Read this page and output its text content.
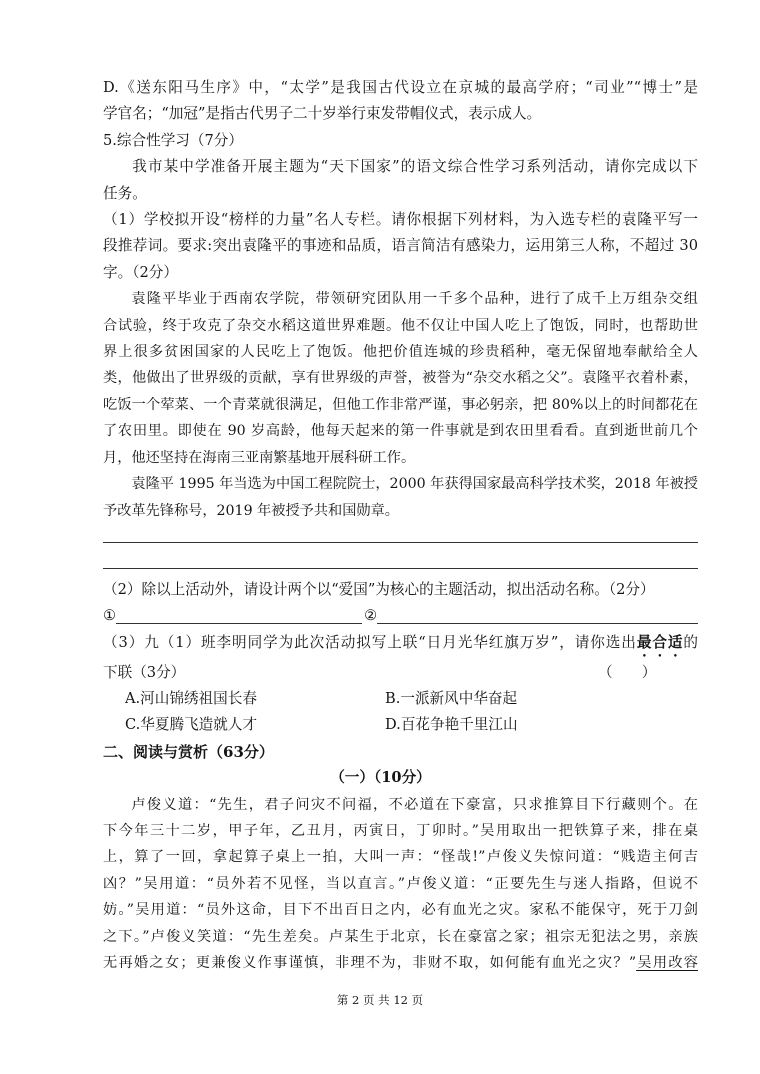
D.《送东阳马生序》中，“太学”是我国古代设立在京城的最高学府；“司业”“博士”是
学官名；“加冠”是指古代男子二十岁举行束发带帽仪式，表示成人。
5.综合性学习（7分）
我市某中学准备开展主题为“天下国家”的语文综合性学习系列活动，请你完成以下
任务。
（1）学校拟开设“榜样的力量”名人专栏。请你根据下列材料，为入选专栏的袁隆平写一
段推荐词。要求:突出袁隆平的事迹和品质，语言简洁有感染力，运用第三人称，不超过 30
字。（2分）
袁隆平毕业于西南农学院，带领研究团队用一千多个品种，进行了成千上万组杂交组
合试验，终于攻克了杂交水稻这道世界难题。他不仅让中国人吃上了饱饭，同时，也帮助世
界上很多贫困国家的人民吃上了饱饭。他把价值连城的珍贵稻种，毫无保留地奉献给全人
类，他做出了世界级的贡献，享有世界级的声誉，被誉为“杂交水稻之父”。袁隆平衣着朴素，
吃饭一个荤菜、一个青菜就很满足，但他工作非常严谨，事必躬亲，把 80%以上的时间都花在
了农田里。即使在 90 岁高龄，他每天起来的第一件事就是到农田里看看。直到逝世前几个
月，他还坚持在海南三亚南繁基地开展科研工作。
袁隆平 1995 年当选为中国工程院院士，2000 年获得国家最高科学技术奖，2018 年被授
予改革先锋称号，2019 年被授予共和国勋章。
（2）除以上活动外，请设计两个以“爱国”为核心的主题活动，拟出活动名称。（2分）
①	②
（3）九（1）班李明同学为此次活动拟写上联“日月光华红旗万岁”，请你选出最合适的
下联（3分）	（　　）
A.河山锦绣祖国长春	B.一派新风中华奋起
C.华夏腾飞造就人才	D.百花争艳千里江山
二、阅读与赏析（63分）
（一）（10分）
卢俊义道：“先生，君子问灾不问福，不必道在下豪富，只求推算目下行藏则个。在
下今年三十二岁，甲子年，乙丑月，丙寅日，丁卯时。”吴用取出一把铁算子来，排在桌
上，算了一回，拿起算子桌上一拍，大叫一声：“怪哉!”卢俊义失惊问道：“贱造主何吉
凶？”吴用道：“员外若不见怪，当以直言。”卢俊义道：“正要先生与迷人指路，但说不
妨。”吴用道：“员外这命，目下不出百日之内，必有血光之灾。家私不能保守，死于刀剑
之下。”卢俊义笑道：“先生差矣。卢某生于北京，长在豪富之家；祖宗无犯法之男，亲族
无再婚之女；更兼俊义作事谨慎，非理不为，非财不取，如何能有血光之灾？”吴用改容
第 2 页 共 12 页
